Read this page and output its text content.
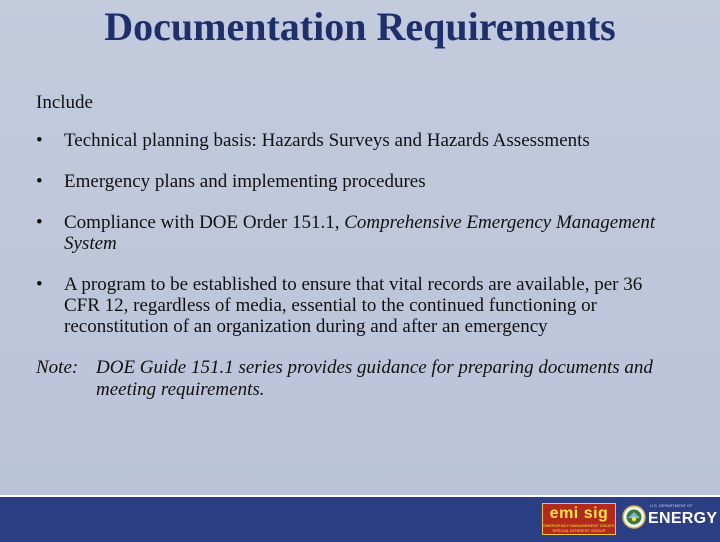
Documentation Requirements
Include
•	Technical planning basis: Hazards Surveys and Hazards Assessments
•	Emergency plans and implementing procedures
•	Compliance with DOE Order 151.1, Comprehensive Emergency Management System
•	A program to be established to ensure that vital records are available, per 36 CFR 12, regardless of media, essential to the continued functioning or reconstitution of an organization during and after an emergency
Note: DOE Guide 151.1 series provides guidance for preparing documents and meeting requirements.
emi sig
EMERGENCY MANAGEMENT ISSUES
SPECIAL INTEREST GROUP
U.S. DEPARTMENT OF
ENERGY
